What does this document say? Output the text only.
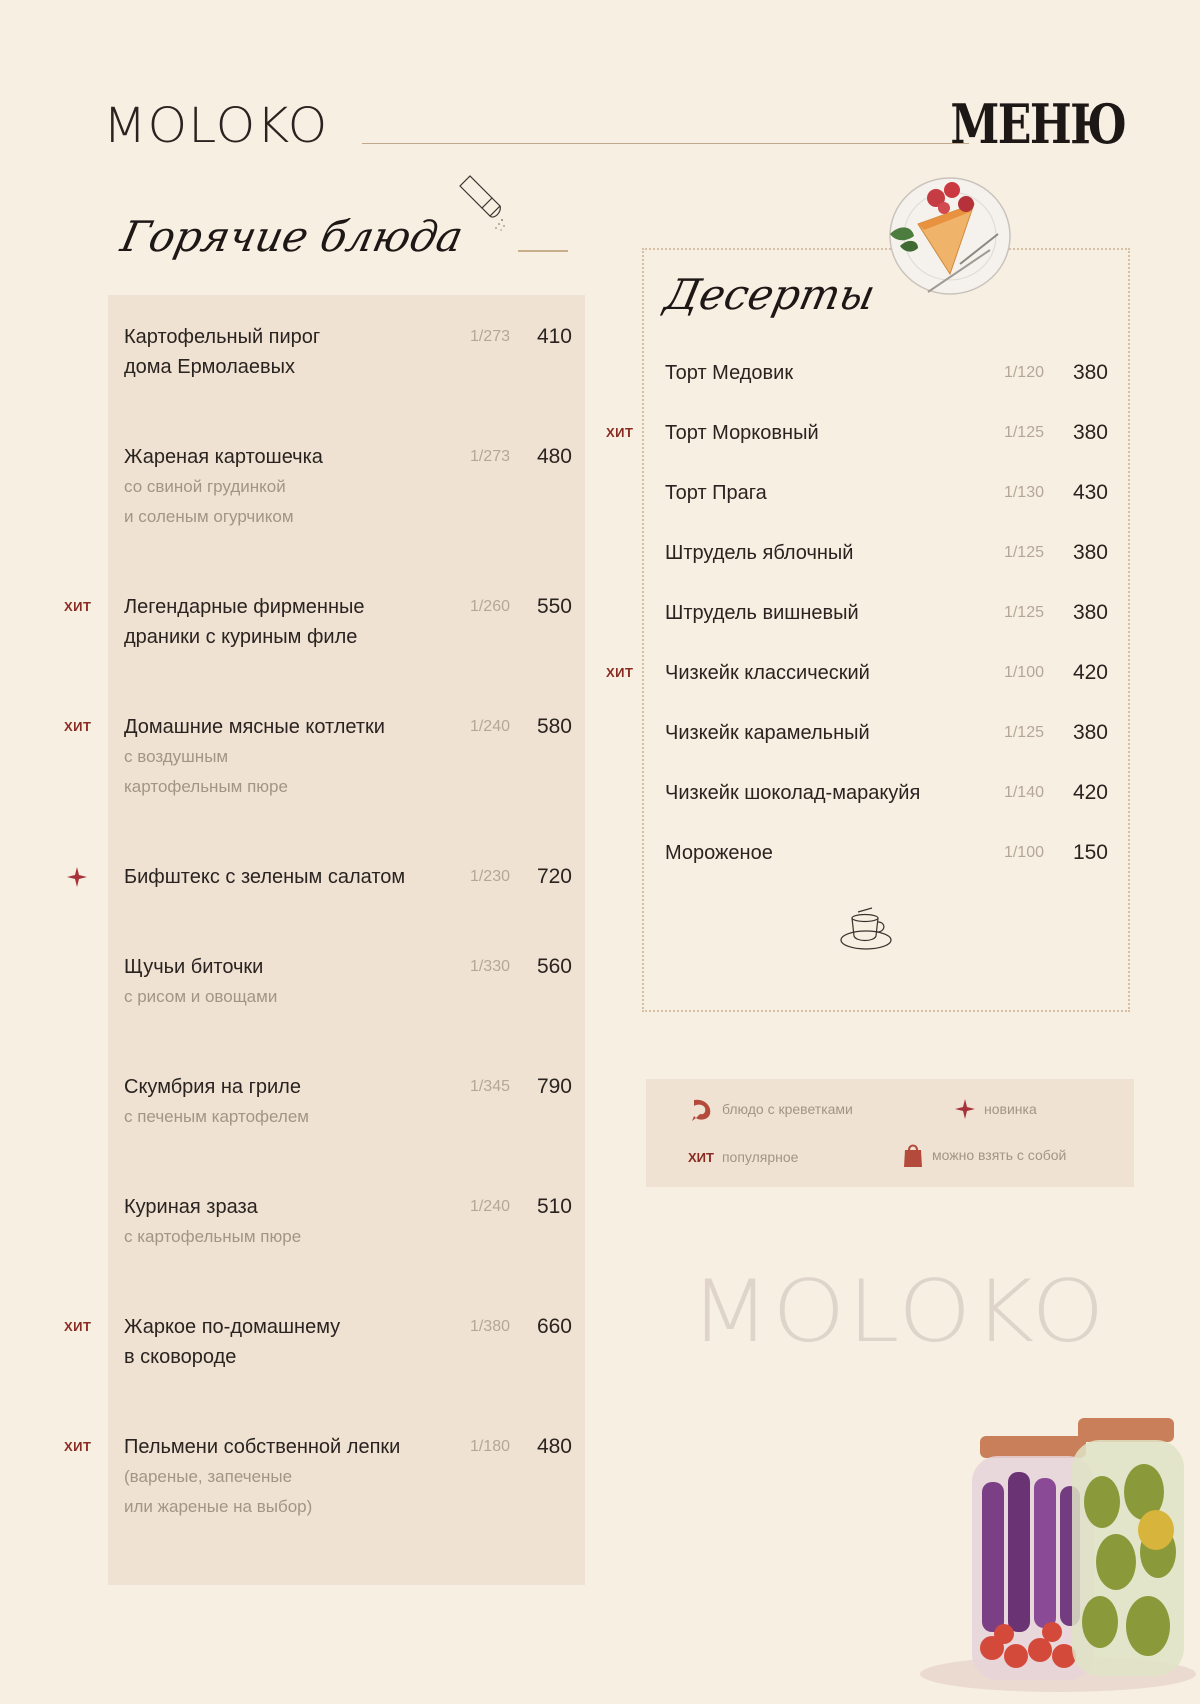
MOLOKO	МЕНЮ
Горячие блюда
Картофельный пирог
дома Ермолаевых
1/273	410
Жареная картошечка
со свиной грудинкой
и соленым огурчиком
1/273	480
Легендарные фирменные
драники с куриным филе
1/260	550
ХИТ
Домашние мясные котлетки
с воздушным
картофельным пюре
1/240	580
ХИТ
Бифштекс с зеленым салатом	1/230	720
Щучьи биточки
с рисом и овощами
1/330	560
Скумбрия на гриле
с печеным картофелем
1/345	790
Куриная зраза
с картофельным пюре
1/240	510
Жаркое по-домашнему
в сковороде
1/380	660
ХИТ
Пельмени собственной лепки
(вареные, запеченые
или жареные на выбор)
1/180	480
ХИТ
Десерты
Торт Медовик	1/120	380
Торт Морковный	1/125	380
ХИТ
Торт Прага	1/130	430
Штрудель яблочный	1/125	380
Штрудель вишневый	1/125	380
Чизкейк классический	1/100	420
ХИТ
Чизкейк карамельный	1/125	380
Чизкейк шоколад-маракуйя	1/140	420
Мороженое	1/100	150
блюдо с креветками	новинка
ХИТ популярное	можно взять с собой
MOLOKO
